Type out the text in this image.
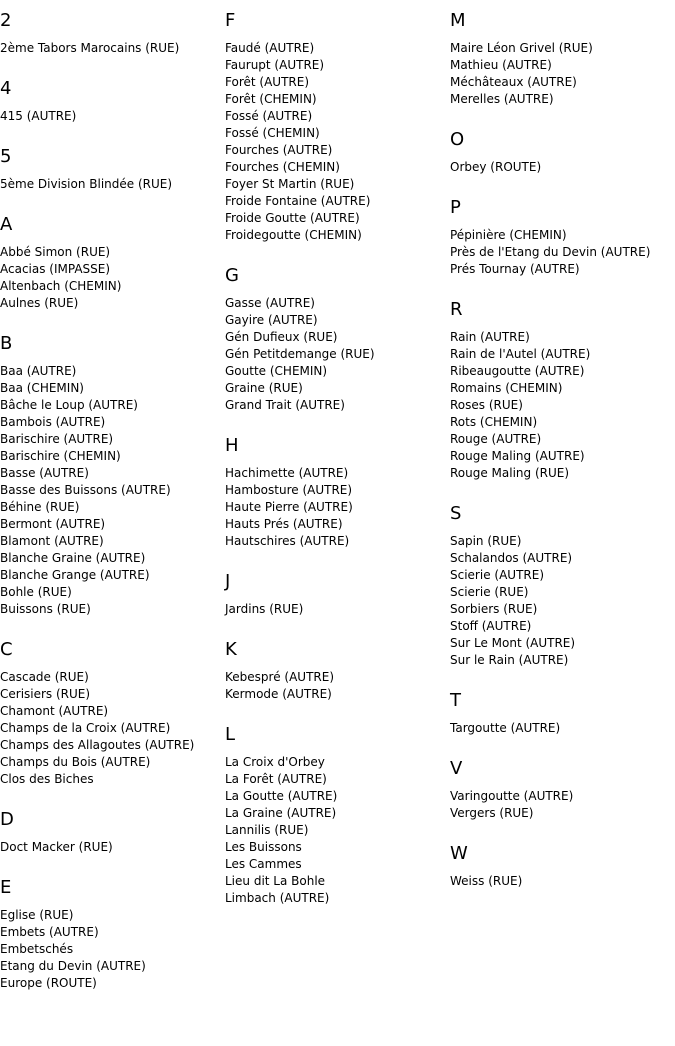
2
2ème Tabors Marocains (RUE)
4
415 (AUTRE)
5
5ème Division Blindée (RUE)
A
Abbé Simon (RUE)
Acacias (IMPASSE)
Altenbach (CHEMIN)
Aulnes (RUE)
B
Baa (AUTRE)
Baa (CHEMIN)
Bâche le Loup (AUTRE)
Bambois (AUTRE)
Barischire (AUTRE)
Barischire (CHEMIN)
Basse (AUTRE)
Basse des Buissons (AUTRE)
Béhine (RUE)
Bermont (AUTRE)
Blamont (AUTRE)
Blanche Graine (AUTRE)
Blanche Grange (AUTRE)
Bohle (RUE)
Buissons (RUE)
C
Cascade (RUE)
Cerisiers (RUE)
Chamont (AUTRE)
Champs de la Croix (AUTRE)
Champs des Allagoutes (AUTRE)
Champs du Bois (AUTRE)
Clos des Biches
D
Doct Macker (RUE)
E
Eglise (RUE)
Embets (AUTRE)
Embetschés
Etang du Devin (AUTRE)
Europe (ROUTE)
F
Faudé (AUTRE)
Faurupt (AUTRE)
Forêt (AUTRE)
Forêt (CHEMIN)
Fossé (AUTRE)
Fossé (CHEMIN)
Fourches (AUTRE)
Fourches (CHEMIN)
Foyer St Martin (RUE)
Froide Fontaine (AUTRE)
Froide Goutte (AUTRE)
Froidegoutte (CHEMIN)
G
Gasse (AUTRE)
Gayire (AUTRE)
Gén Dufieux (RUE)
Gén Petitdemange (RUE)
Goutte (CHEMIN)
Graine (RUE)
Grand Trait (AUTRE)
H
Hachimette (AUTRE)
Hambosture (AUTRE)
Haute Pierre (AUTRE)
Hauts Prés (AUTRE)
Hautschires (AUTRE)
J
Jardins (RUE)
K
Kebespré (AUTRE)
Kermode (AUTRE)
L
La Croix d'Orbey
La Forêt (AUTRE)
La Goutte (AUTRE)
La Graine (AUTRE)
Lannilis (RUE)
Les Buissons
Les Cammes
Lieu dit La Bohle
Limbach (AUTRE)
M
Maire Léon Grivel (RUE)
Mathieu (AUTRE)
Méchâteaux (AUTRE)
Merelles (AUTRE)
O
Orbey (ROUTE)
P
Pépinière (CHEMIN)
Près de l'Etang du Devin (AUTRE)
Prés Tournay (AUTRE)
R
Rain (AUTRE)
Rain de l'Autel (AUTRE)
Ribeaugoutte (AUTRE)
Romains (CHEMIN)
Roses (RUE)
Rots (CHEMIN)
Rouge (AUTRE)
Rouge Maling (AUTRE)
Rouge Maling (RUE)
S
Sapin (RUE)
Schalandos (AUTRE)
Scierie (AUTRE)
Scierie (RUE)
Sorbiers (RUE)
Stoff (AUTRE)
Sur Le Mont (AUTRE)
Sur le Rain (AUTRE)
T
Targoutte (AUTRE)
V
Varingoutte (AUTRE)
Vergers (RUE)
W
Weiss (RUE)
